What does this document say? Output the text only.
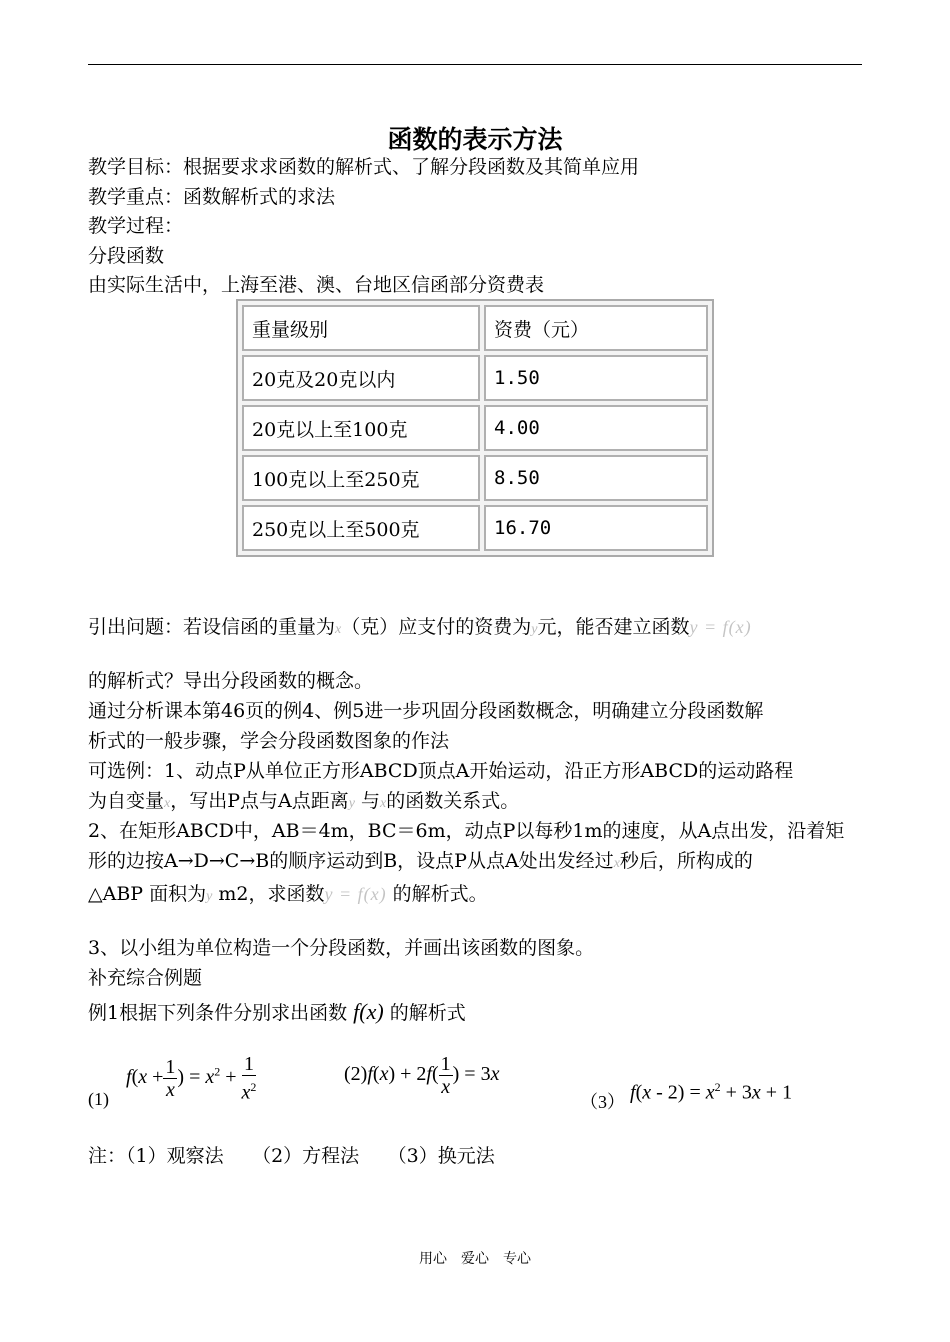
函数的表示方法
教学目标：根据要求求函数的解析式、了解分段函数及其简单应用
教学重点：函数解析式的求法
教学过程：
分段函数
由实际生活中，上海至港、澳、台地区信函部分资费表
重量级别	资费（元）
20克及20克以内	1.50
20克以上至100克	4.00
100克以上至250克	8.50
250克以上至500克	16.70
引出问题：若设信函的重量为x（克）应支付的资费为y元，能否建立函数y = f(x)
的解析式？导出分段函数的概念。
通过分析课本第46页的例4、例5进一步巩固分段函数概念，明确建立分段函数解
析式的一般步骤，学会分段函数图象的作法
可选例：1、动点P从单位正方形ABCD顶点A开始运动，沿正方形ABCD的运动路程
为自变量x，写出P点与A点距离y 与x的函数关系式。
2、在矩形ABCD中，AB＝4m，BC＝6m，动点P以每秒1m的速度，从A点出发，沿着矩
形的边按A→D→C→B的顺序运动到B，设点P从点A处出发经过x秒后，所构成的
△ABP 面积为y m2，求函数y = f(x) 的解析式。
3、以小组为单位构造一个分段函数，并画出该函数的图象。
补充综合例题
例1根据下列条件分别求出函数 f(x) 的解析式
(1)
$f(x + \frac{1}{x}$ ) = $x^2 + \frac{1}{x^2}$	$(2)f(x) + 2f( \frac{1}{x}$ ) = 3x
（3） $f(x - 2) = x^2 + 3x + 1$
注：（1）观察法　　（2）方程法　　（3）换元法
用心　爱心　专心
